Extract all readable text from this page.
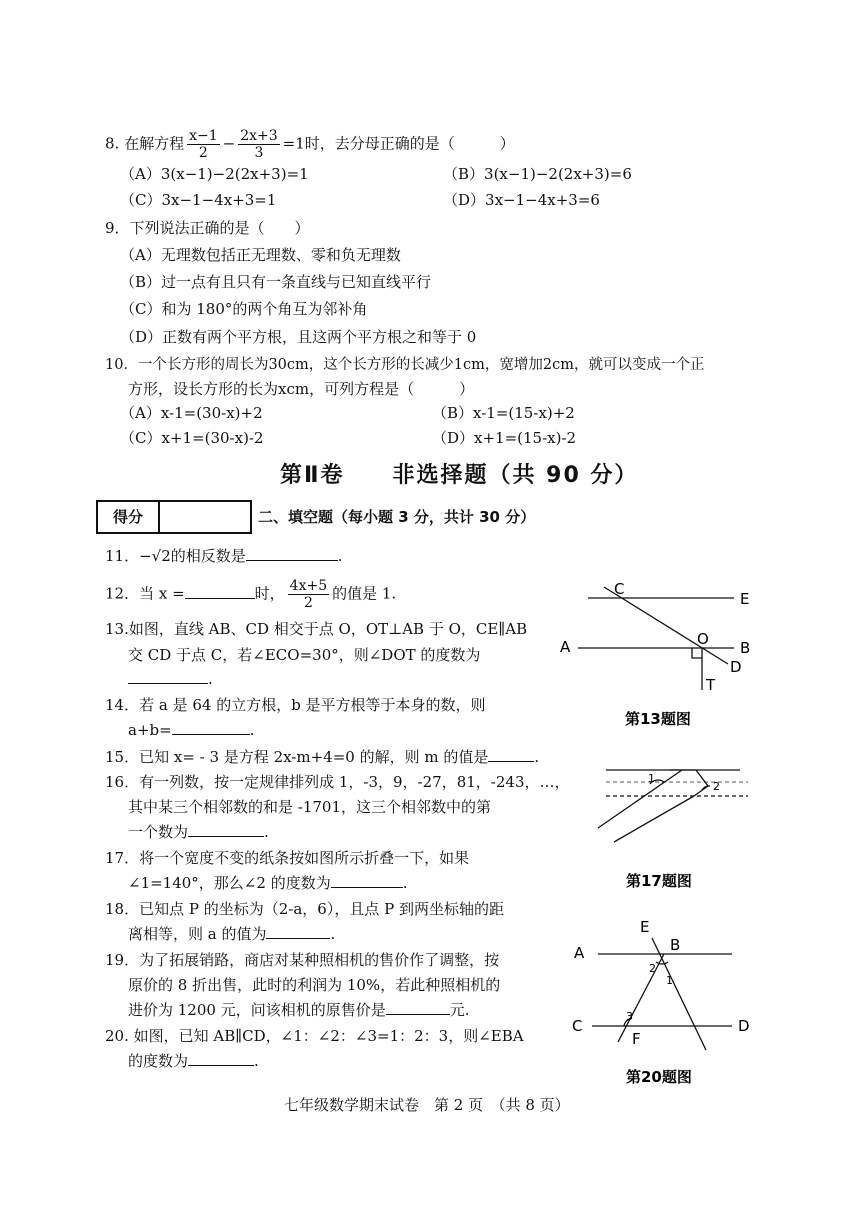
8. 在解方程 $\frac{x-1}{2} - \frac{2x+3}{3} =1$时，去分母正确的是（　　　）
（A）3(x−1)−2(2x+3)=1	（B）3(x−1)−2(2x+3)=6
（C）3x−1−4x+3=1	（D）3x−1−4x+3=6
9．下列说法正确的是（　　）
（A）无理数包括正无理数、零和负无理数
（B）过一点有且只有一条直线与已知直线平行
（C）和为 180°的两个角互为邻补角
（D）正数有两个平方根，且这两个平方根之和等于 0
10．一个长方形的周长为30cm，这个长方形的长减少1cm，宽增加2cm，就可以变成一个正
方形，设长方形的长为xcm，可列方程是（　　　）
（A）x-1=(30-x)+2	（B）x-1=(15-x)+2
（C）x+1=(30-x)-2	（D）x+1=(15-x)-2
第Ⅱ卷　　非选择题（共 90 分）
得分	二、填空题（每小题 3 分，共计 30 分）
11．−√2的相反数是	.
12．当 x =	时， $\frac{4x+5}{2}$ 的值是 1.
13.如图，直线 AB、CD 相交于点 O，OT⊥AB 于 O，CE∥AB
交 CD 于点 C，若∠ECO=30°，则∠DOT 的度数为
.
14．若 a 是 64 的立方根，b 是平方根等于本身的数，则
a+b=	.
15．已知 x= - 3 是方程 2x-m+4=0 的解，则 m 的值是	.
16．有一列数，按一定规律排列成 1，-3，9，-27，81，-243，…，
其中某三个相邻数的和是 -1701，这三个相邻数中的第
一个数为	.
17．将一个宽度不变的纸条按如图所示折叠一下，如果
∠1=140°，那么∠2 的度数为	.
18．已知点 P 的坐标为（2-a，6），且点 P 到两坐标轴的距
离相等，则 a 的值为	.
19．为了拓展销路，商店对某种照相机的售价作了调整，按
原价的 8 折出售，此时的利润为 10%，若此种照相机的
进价为 1200 元，问该相机的原售价是	元.
20. 如图，已知 AB∥CD，∠1：∠2：∠3=1：2：3，则∠EBA
的度数为	.
C
E
A	O B
D
T
第13题图
1
2
第17题图
E
B
A
2
1
3
C
F
D
第20题图
七年级数学期末试卷　第 2 页　（共 8 页）
